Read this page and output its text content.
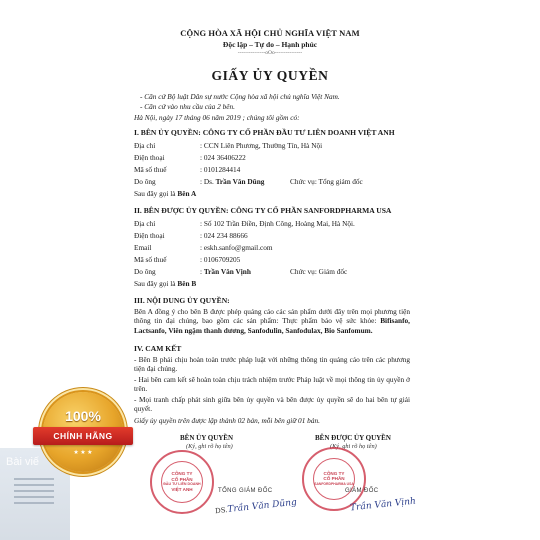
CỘNG HÒA XÃ HỘI CHỦ NGHĨA VIỆT NAM
Độc lập – Tự do – Hạnh phúc
---------------oOo---------------
GIẤY ỦY QUYỀN
- Căn cứ Bộ luật Dân sự nước Cộng hòa xã hội chủ nghĩa Việt Nam.
- Căn cứ vào nhu cầu của 2 bên.
Hà Nội, ngày 17 tháng 06 năm 2019 ; chúng tôi gồm có:
I. BÊN ỦY QUYỀN: CÔNG TY CỔ PHẦN ĐẦU TƯ LIÊN DOANH VIỆT ANH
Địa chỉ	: CCN Liên Phương, Thường Tín, Hà Nội
Điện thoại	: 024 36406222
Mã số thuế	: 0101284414
Do ông	: Ds. Trần Văn Dũng	Chức vụ: Tổng giám đốc
Sau đây gọi là Bên A
II. BÊN ĐƯỢC ỦY QUYỀN: CÔNG TY CỔ PHẦN SANFORDPHARMA USA
Địa chỉ	: Số 102 Trần Điền, Định Công, Hoàng Mai, Hà Nội.
Điện thoại	: 024 234 88666
Email	: eskh.sanfo@gmail.com
Mã số thuế	: 0106709205
Do ông	: Trần Văn Vịnh	Chức vụ: Giám đốc
Sau đây gọi là Bên B
III. NỘI DUNG ỦY QUYỀN:
Bên A đồng ý cho bên B được phép quảng cáo các sản phẩm dưới đây trên mọi phương tiện thông tin đại chúng, bao gồm các sản phẩm: Thực phẩm bảo vệ sức khỏe: Bifisanfo, Lactsanfo, Viên ngậm thanh dương, Sanfodulin, Sanfodulax, Bio Sanfomum.
IV. CAM KẾT
- Bên B phải chịu hoàn toàn trước pháp luật với những thông tin quảng cáo trên các phương tiện đại chúng.
- Hai bên cam kết sẽ hoàn toàn chịu trách nhiệm trước Pháp luật về mọi thông tin ủy quyền ở trên.
- Mọi tranh chấp phát sinh giữa bên ủy quyền và bên được ủy quyền sẽ do hai bên tự giải quyết.
Giấy ủy quyền trên được lập thành 02 bản, mỗi bên giữ 01 bản.
BÊN ỦY QUYỀN
(Ký, ghi rõ họ tên)
BÊN ĐƯỢC ỦY QUYỀN
(Ký, ghi rõ họ tên)
CÔNG TY
CỔ PHẦN
ĐẦU TƯ LIÊN DOANH
VIỆT ANH	TỔNG GIÁM ĐỐC
DS.Trần Văn Dũng
CÔNG TY
CỔ PHẦN
SANFORDPHARMA USA
GIÁM ĐỐC
Trần Văn Vịnh
Bài viế
100%
CHÍNH HÃNG
★ ★ ★
